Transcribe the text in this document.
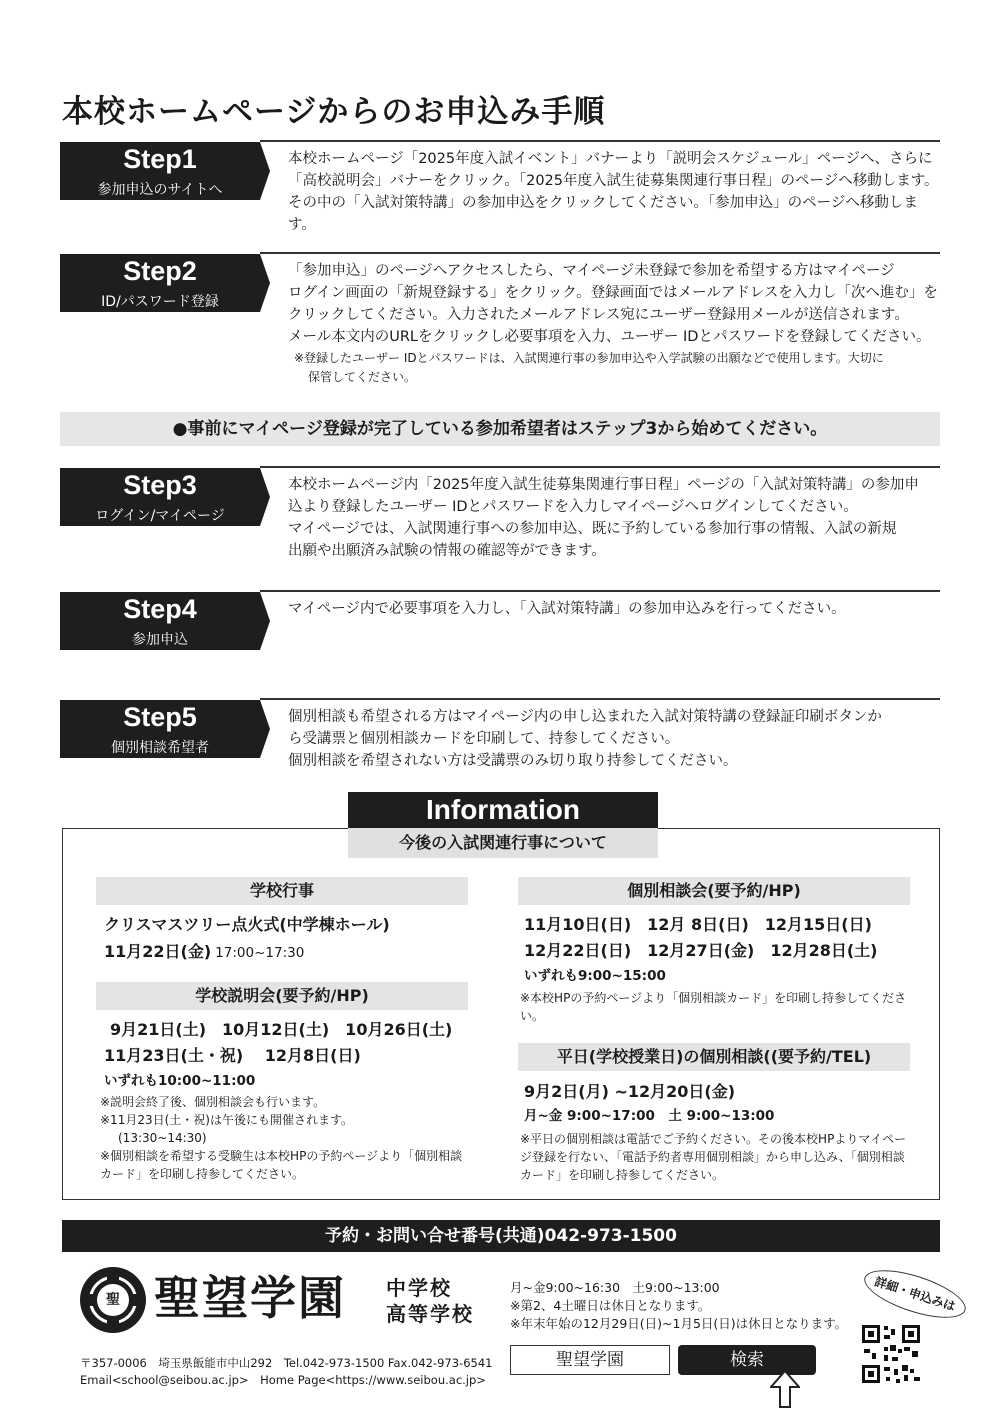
本校ホームページからのお申込み手順
Step1
参加申込のサイトへ
本校ホームページ「2025年度入試イベント」バナーより「説明会スケジュール」ページへ、さらに
「高校説明会」バナーをクリック。「2025年度入試生徒募集関連行事日程」のページへ移動します。
その中の「入試対策特講」の参加申込をクリックしてください。「参加申込」のページへ移動します。
Step2
ID/パスワード登録
「参加申込」のページへアクセスしたら、マイページ未登録で参加を希望する方はマイページ
ログイン画面の「新規登録する」をクリック。登録画面ではメールアドレスを入力し「次へ進む」を
クリックしてください。入力されたメールアドレス宛にユーザー登録用メールが送信されます。
メール本文内のURLをクリックし必要事項を入力、ユーザー IDとパスワードを登録してください。
※登録したユーザー IDとパスワードは、入試関連行事の参加申込や入学試験の出願などで使用します。大切に
保管してください。
●事前にマイページ登録が完了している参加希望者はステップ3から始めてください。
Step3
ログイン/マイページ
本校ホームページ内「2025年度入試生徒募集関連行事日程」ページの「入試対策特講」の参加申
込より登録したユーザー IDとパスワードを入力しマイページへログインしてください。
マイページでは、入試関連行事への参加申込、既に予約している参加行事の情報、入試の新規
出願や出願済み試験の情報の確認等ができます。
Step4
参加申込
マイページ内で必要事項を入力し、「入試対策特講」の参加申込みを行ってください。
Step5
個別相談希望者
個別相談も希望される方はマイページ内の申し込まれた入試対策特講の登録証印刷ボタンか
ら受講票と個別相談カードを印刷して、持参してください。
個別相談を希望されない方は受講票のみ切り取り持参してください。
Information
今後の入試関連行事について
学校行事
クリスマスツリー点火式(中学棟ホール)
11月22日(金) 17:00~17:30
学校説明会(要予約/HP)
9月21日(土)　10月12日(土)　10月26日(土)
11月23日(土・祝)　 12月8日(日)
いずれも10:00~11:00
※説明会終了後、個別相談会も行います。
※11月23日(土・祝)は午後にも開催されます。
(13:30~14:30)
※個別相談を希望する受験生は本校HPの予約ページより「個別相談カード」を印刷し持参してください。
個別相談会(要予約/HP)
11月10日(日)　12月 8日(日)　12月15日(日)
12月22日(日)　12月27日(金)　12月28日(土)
いずれも9:00~15:00
※本校HPの予約ページより「個別相談カード」を印刷し持参してください。
平日(学校授業日)の個別相談((要予約/TEL)
9月2日(月) ~12月20日(金)
月~金 9:00~17:00　土 9:00~13:00
※平日の個別相談は電話でご予約ください。その後本校HPよりマイページ登録を行ない、「電話予約者専用個別相談」から申し込み、「個別相談カード」を印刷し持参してください。
予約・お問い合せ番号(共通)042-973-1500
聖 聖望学園 中学校
高等学校
月~金9:00~16:30　土9:00~13:00
※第2、4土曜日は休日となります。
※年末年始の12月29日(日)~1月5日(日)は休日となります。
〒357-0006　埼玉県飯能市中山292　Tel.042-973-1500 Fax.042-973-6541
Email<school@seibou.ac.jp>　Home Page<https://www.seibou.ac.jp>
聖望学園	検索
詳細・申込みは
